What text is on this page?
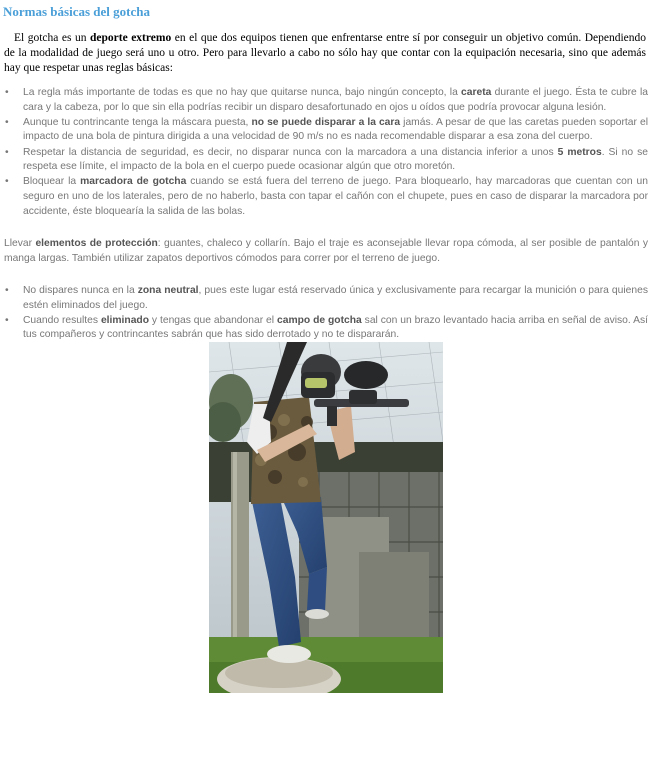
Normas básicas del gotcha

El gotcha es un deporte extremo en el que dos equipos tienen que enfrentarse entre sí por conseguir un objetivo común. Dependiendo de la modalidad de juego será uno u otro. Pero para llevarlo a cabo no sólo hay que contar con la equipación necesaria, sino que además hay que respetar unas reglas básicas:

• La regla más importante de todas es que no hay que quitarse nunca, bajo ningún concepto, la careta durante el juego. Ésta te cubre la cara y la cabeza, por lo que sin ella podrías recibir un disparo desafortunado en ojos u oídos que podría provocar alguna lesión.
• Aunque tu contrincante tenga la máscara puesta, no se puede disparar a la cara jamás. A pesar de que las caretas pueden soportar el impacto de una bola de pintura dirigida a una velocidad de 90 m/s no es nada recomendable disparar a esa zona del cuerpo.
• Respetar la distancia de seguridad, es decir, no disparar nunca con la marcadora a una distancia inferior a unos 5 metros. Si no se respeta ese límite, el impacto de la bola en el cuerpo puede ocasionar algún que otro moretón.
• Bloquear la marcadora de gotcha cuando se está fuera del terreno de juego. Para bloquearlo, hay marcadoras que cuentan con un seguro en uno de los laterales, pero de no haberlo, basta con tapar el cañón con el chupete, pues en caso de disparar la marcadora por accidente, éste bloquearía la salida de las bolas.

Llevar elementos de protección: guantes, chaleco y collarín. Bajo el traje es aconsejable llevar ropa cómoda, al ser posible de pantalón y manga largas. También utilizar zapatos deportivos cómodos para correr por el terreno de juego.

• No dispares nunca en la zona neutral, pues este lugar está reservado única y exclusivamente para recargar la munición o para quienes estén eliminados del juego.
• Cuando resultes eliminado y tengas que abandonar el campo de gotcha sal con un brazo levantado hacia arriba en señal de aviso. Así tus compañeros y contrincantes sabrán que has sido derrotado y no te dispararán.
